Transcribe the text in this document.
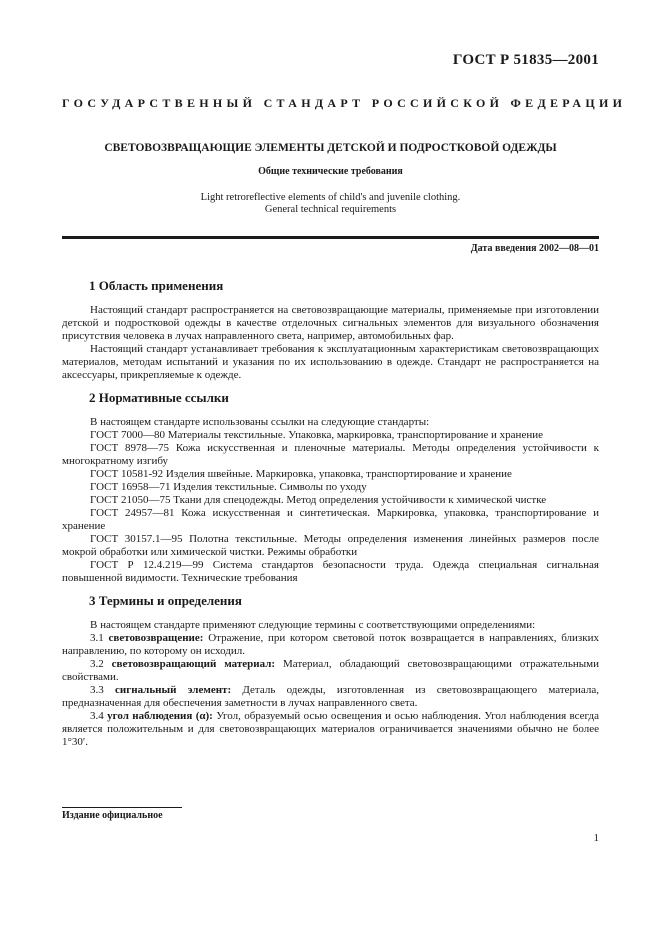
ГОСТ Р 51835—2001
ГОСУДАРСТВЕННЫЙ СТАНДАРТ РОССИЙСКОЙ ФЕДЕРАЦИИ
СВЕТОВОЗВРАЩАЮЩИЕ ЭЛЕМЕНТЫ ДЕТСКОЙ И ПОДРОСТКОВОЙ ОДЕЖДЫ
Общие технические требования
Light retroreflective elements of child's and juvenile clothing.
General technical requirements
Дата введения 2002—08—01
1 Область применения

Настоящий стандарт распространяется на световозвращающие материалы, применяемые при изготовлении детской и подростковой одежды в качестве отделочных сигнальных элементов для визуального обозначения присутствия человека в лучах направленного света, например, автомобильных фар.

Настоящий стандарт устанавливает требования к эксплуатационным характеристикам световозвращающих материалов, методам испытаний и указания по их использованию в одежде. Стандарт не распространяется на аксессуары, прикрепляемые к одежде.

2 Нормативные ссылки

В настоящем стандарте использованы ссылки на следующие стандарты:

ГОСТ 7000—80 Материалы текстильные. Упаковка, маркировка, транспортирование и хранение

ГОСТ 8978—75 Кожа искусственная и пленочные материалы. Методы определения устойчивости к многократному изгибу

ГОСТ 10581-92 Изделия швейные. Маркировка, упаковка, транспортирование и хранение

ГОСТ 16958—71 Изделия текстильные. Символы по уходу

ГОСТ 21050—75 Ткани для спецодежды. Метод определения устойчивости к химической чистке

ГОСТ 24957—81 Кожа искусственная и синтетическая. Маркировка, упаковка, транспортирование и хранение

ГОСТ 30157.1—95 Полотна текстильные. Методы определения изменения линейных размеров после мокрой обработки или химической чистки. Режимы обработки

ГОСТ Р 12.4.219—99 Система стандартов безопасности труда. Одежда специальная сигнальная повышенной видимости. Технические требования

3 Термины и определения

В настоящем стандарте применяют следующие термины с соответствующими определениями:

3.1 световозвращение: Отражение, при котором световой поток возвращается в направлениях, близких направлению, по которому он исходил.

3.2 световозвращающий материал: Материал, обладающий световозвращающими отражательными свойствами.

3.3 сигнальный элемент: Деталь одежды, изготовленная из световозвращающего материала, предназначенная для обеспечения заметности в лучах направленного света.

3.4 угол наблюдения (α): Угол, образуемый осью освещения и осью наблюдения. Угол наблюдения всегда является положительным и для световозвращающих материалов ограничивается значениями обычно не более 1°30′.

Издание официальное
1
